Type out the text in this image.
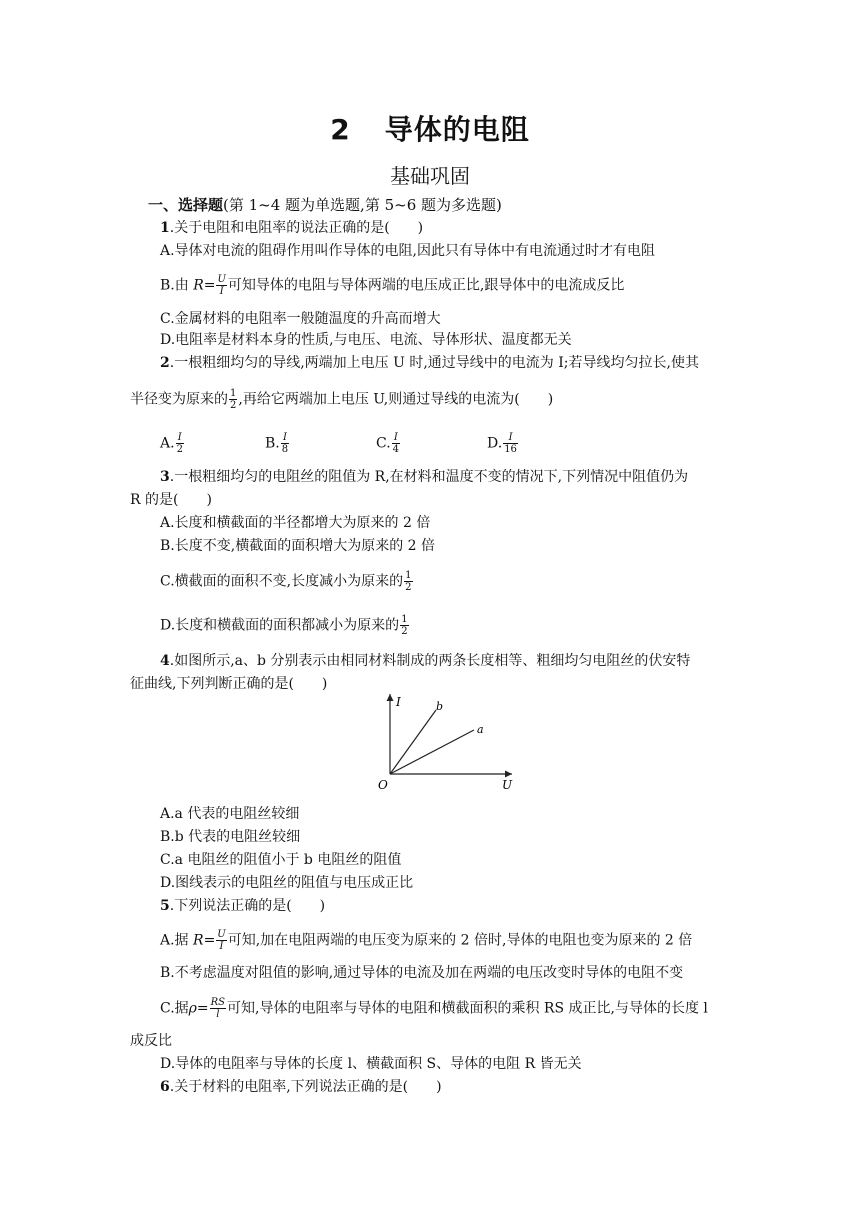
2 导体的电阻
基础巩固
一、选择题(第 1~4 题为单选题,第 5~6 题为多选题)
1.关于电阻和电阻率的说法正确的是(　　)
A.导体对电流的阻碍作用叫作导体的电阻,因此只有导体中有电流通过时才有电阻
B.由 $R= \frac{U}{I}$ 可知导体的电阻与导体两端的电压成正比,跟导体中的电流成反比
C.金属材料的电阻率一般随温度的升高而增大
D.电阻率是材料本身的性质,与电压、电流、导体形状、温度都无关
2.一根粗细均匀的导线,两端加上电压 U 时,通过导线中的电流为 I;若导线均匀拉长,使其
半径变为原来的 $\frac{1}{2}$ ,再给它两端加上电压 U,则通过导线的电流为(　　)
A. $\frac{I}{2}$	B. $\frac{I}{8}$	C. $\frac{I}{4}$	D. $\frac{I}{16}$
3.一根粗细均匀的电阻丝的阻值为 R,在材料和温度不变的情况下,下列情况中阻值仍为
R 的是(　　)
A.长度和横截面的半径都增大为原来的 2 倍
B.长度不变,横截面的面积增大为原来的 2 倍
C.横截面的面积不变,长度减小为原来的 $\frac{1}{2}$
D.长度和横截面的面积都减小为原来的 $\frac{1}{2}$
4.如图所示,a、b 分别表示由相同材料制成的两条长度相等、粗细均匀电阻丝的伏安特
征曲线,下列判断正确的是(　　)
I
U
O
b
a
A.a 代表的电阻丝较细
B.b 代表的电阻丝较细
C.a 电阻丝的阻值小于 b 电阻丝的阻值
D.图线表示的电阻丝的阻值与电压成正比
5.下列说法正确的是(　　)
A.据 $R= \frac{U}{I}$ 可知,加在电阻两端的电压变为原来的 2 倍时,导体的电阻也变为原来的 2 倍
B.不考虑温度对阻值的影响,通过导体的电流及加在两端的电压改变时导体的电阻不变
C.据$\rho= \frac{RS}{l}$ 可知,导体的电阻率与导体的电阻和横截面积的乘积 RS 成正比,与导体的长度 l
成反比
D.导体的电阻率与导体的长度 l、横截面积 S、导体的电阻 R 皆无关
6.关于材料的电阻率,下列说法正确的是(　　)
